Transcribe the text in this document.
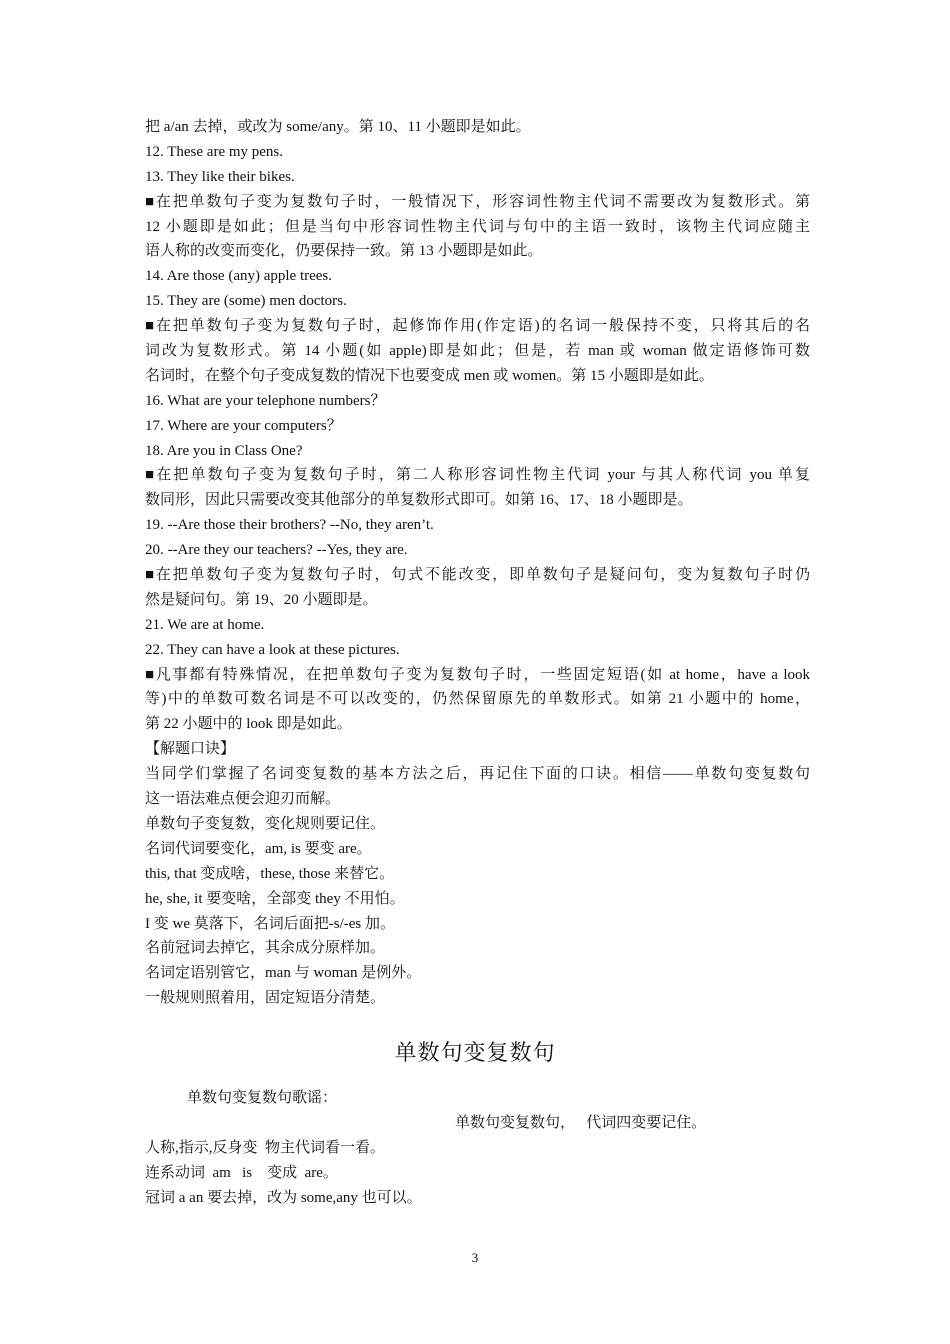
把 a/an 去掉，或改为 some/any。第 10、11 小题即是如此。
12. These are my pens.
13. They like their bikes.
■在把单数句子变为复数句子时，一般情况下，形容词性物主代词不需要改为复数形式。第
12 小题即是如此；但是当句中形容词性物主代词与句中的主语一致时，该物主代词应随主
语人称的改变而变化，仍要保持一致。第 13 小题即是如此。
14. Are those (any) apple trees.
15. They are (some) men doctors.
■在把单数句子变为复数句子时，起修饰作用(作定语)的名词一般保持不变，只将其后的名
词改为复数形式。第 14 小题(如 apple)即是如此；但是，若 man 或 woman 做定语修饰可数
名词时，在整个句子变成复数的情况下也要变成 men 或 women。第 15 小题即是如此。
16. What are your telephone numbers？
17. Where are your computers？
18. Are you in Class One?
■在把单数句子变为复数句子时，第二人称形容词性物主代词 your 与其人称代词 you 单复
数同形，因此只需要改变其他部分的单复数形式即可。如第 16、17、18 小题即是。
19. --Are those their brothers? --No, they aren’t.
20. --Are they our teachers? --Yes, they are.
■在把单数句子变为复数句子时，句式不能改变，即单数句子是疑问句，变为复数句子时仍
然是疑问句。第 19、20 小题即是。
21. We are at home.
22. They can have a look at these pictures.
■凡事都有特殊情况，在把单数句子变为复数句子时，一些固定短语(如 at home，have a look
等)中的单数可数名词是不可以改变的，仍然保留原先的单数形式。如第 21 小题中的 home，
第 22 小题中的 look 即是如此。
【解题口诀】
当同学们掌握了名词变复数的基本方法之后，再记住下面的口诀。相信——单数句变复数句
这一语法难点便会迎刃而解。
单数句子变复数，变化规则要记住。
名词代词要变化，am, is 要变 are。
this, that 变成啥，these, those 来替它。
he, she, it 要变啥，全部变 they 不用怕。
I 变 we 莫落下，名词后面把-s/-es 加。
名前冠词去掉它，其余成分原样加。
名词定语别管它，man 与 woman 是例外。
一般规则照着用，固定短语分清楚。
单数句变复数句
单数句变复数句歌谣：
单数句变复数句，   代词四变要记住。
人称,指示,反身变  物主代词看一看。
连系动词  am   is    变成  are。
冠词 a an 要去掉，改为 some,any 也可以。
3
